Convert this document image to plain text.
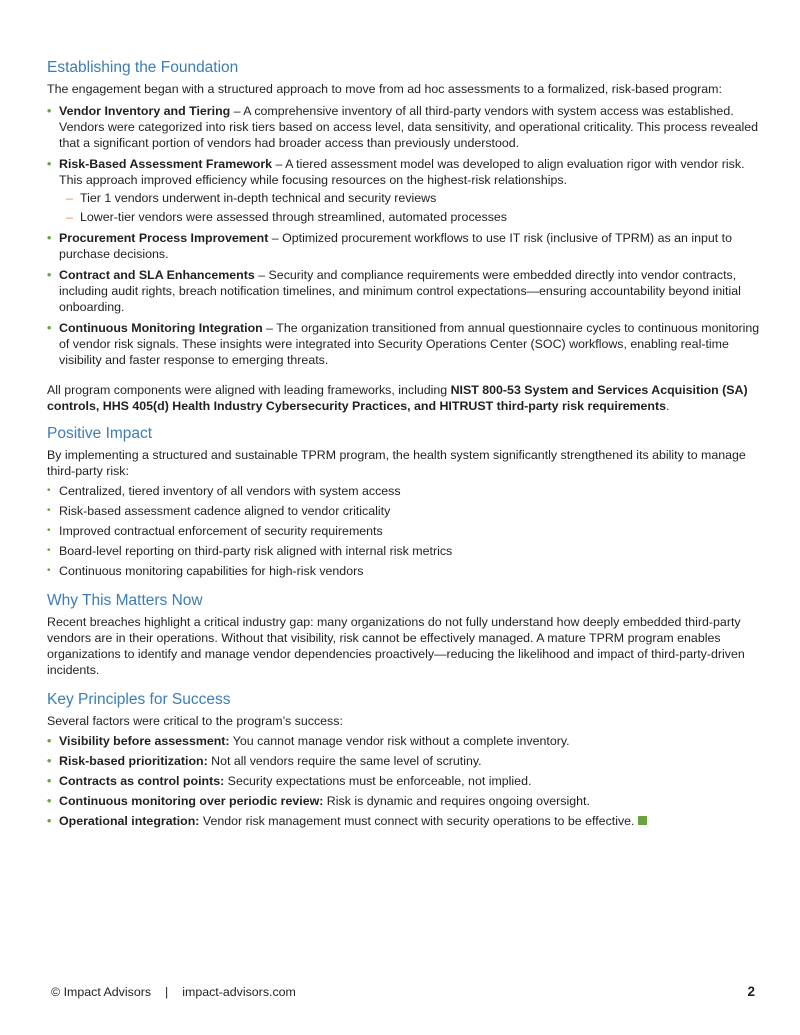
Establishing the Foundation

The engagement began with a structured approach to move from ad hoc assessments to a formalized, risk-based program:

• Vendor Inventory and Tiering – A comprehensive inventory of all third-party vendors with system access was established. Vendors were categorized into risk tiers based on access level, data sensitivity, and operational criticality. This process revealed that a significant portion of vendors had broader access than previously understood.
• Risk-Based Assessment Framework – A tiered assessment model was developed to align evaluation rigor with vendor risk. This approach improved efficiency while focusing resources on the highest-risk relationships.
– Tier 1 vendors underwent in-depth technical and security reviews
– Lower-tier vendors were assessed through streamlined, automated processes
• Procurement Process Improvement – Optimized procurement workflows to use IT risk (inclusive of TPRM) as an input to purchase decisions.
• Contract and SLA Enhancements – Security and compliance requirements were embedded directly into vendor contracts, including audit rights, breach notification timelines, and minimum control expectations—ensuring accountability beyond initial onboarding.
• Continuous Monitoring Integration – The organization transitioned from annual questionnaire cycles to continuous monitoring of vendor risk signals. These insights were integrated into Security Operations Center (SOC) workflows, enabling real-time visibility and faster response to emerging threats.

All program components were aligned with leading frameworks, including NIST 800-53 System and Services Acquisition (SA) controls, HHS 405(d) Health Industry Cybersecurity Practices, and HITRUST third-party risk requirements.

Positive Impact

By implementing a structured and sustainable TPRM program, the health system significantly strengthened its ability to manage third-party risk:

• Centralized, tiered inventory of all vendors with system access
• Risk-based assessment cadence aligned to vendor criticality
• Improved contractual enforcement of security requirements
• Board-level reporting on third-party risk aligned with internal risk metrics
• Continuous monitoring capabilities for high-risk vendors
Why This Matters Now

Recent breaches highlight a critical industry gap: many organizations do not fully understand how deeply embedded third-party vendors are in their operations. Without that visibility, risk cannot be effectively managed. A mature TPRM program enables organizations to identify and manage vendor dependencies proactively—reducing the likelihood and impact of third-party-driven incidents.

Key Principles for Success

Several factors were critical to the program’s success:

• Visibility before assessment: You cannot manage vendor risk without a complete inventory.
• Risk-based prioritization: Not all vendors require the same level of scrutiny.
• Contracts as control points: Security expectations must be enforceable, not implied.
• Continuous monitoring over periodic review: Risk is dynamic and requires ongoing oversight.
• Operational integration: Vendor risk management must connect with security operations to be effective.
© Impact Advisors | impact-advisors.com	2
